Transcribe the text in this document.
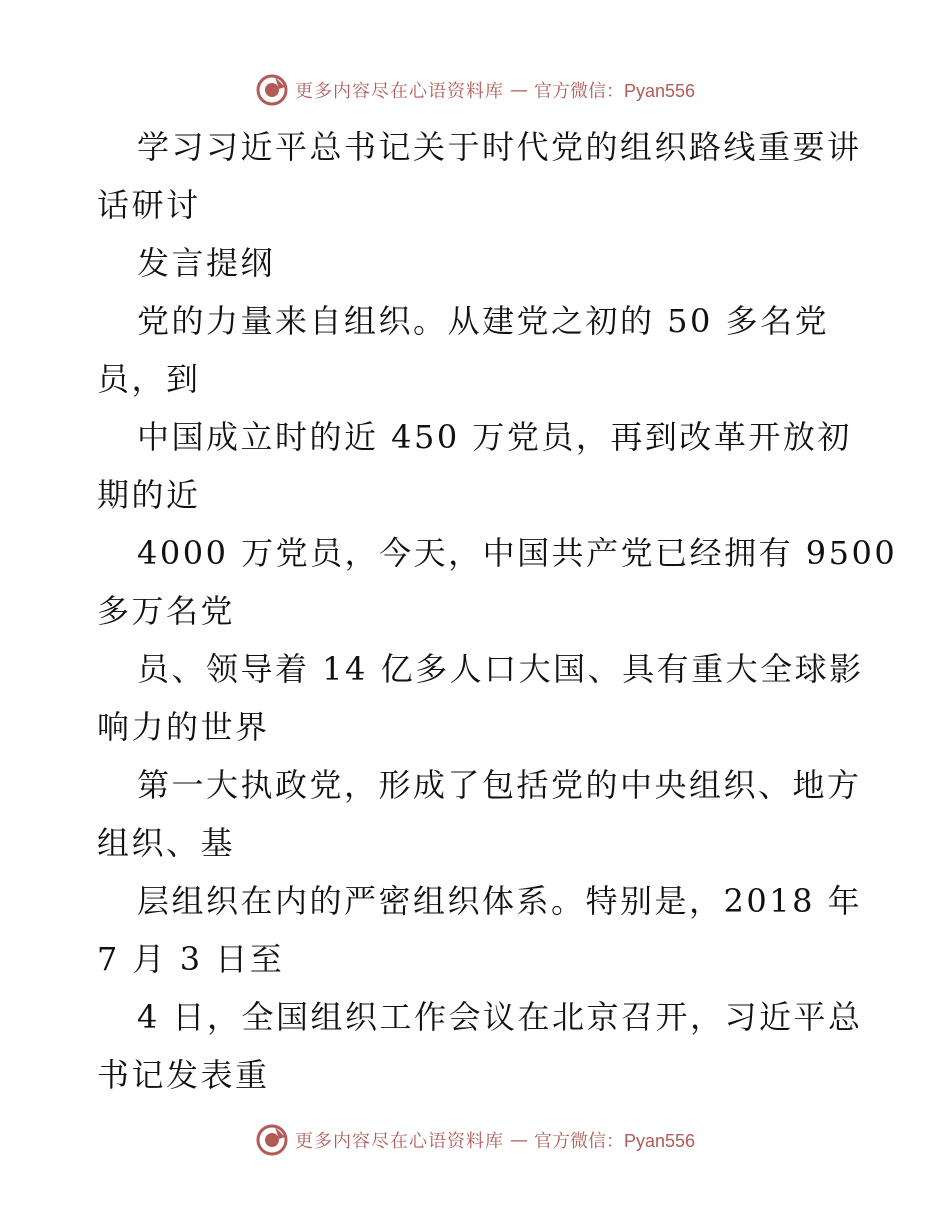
更多内容尽在心语资料库 — 官方微信：Pyan556
学习习近平总书记关于时代党的组织路线重要讲
话研讨
发言提纲
党的力量来自组织。从建党之初的 50 多名党
员，到
中国成立时的近 450 万党员，再到改革开放初
期的近
4000 万党员，今天，中国共产党已经拥有 9500
多万名党
员、领导着 14 亿多人口大国、具有重大全球影
响力的世界
第一大执政党，形成了包括党的中央组织、地方
组织、基
层组织在内的严密组织体系。特别是，2018 年
7 月 3 日至
4 日，全国组织工作会议在北京召开，习近平总
书记发表重
更多内容尽在心语资料库 — 官方微信：Pyan556
